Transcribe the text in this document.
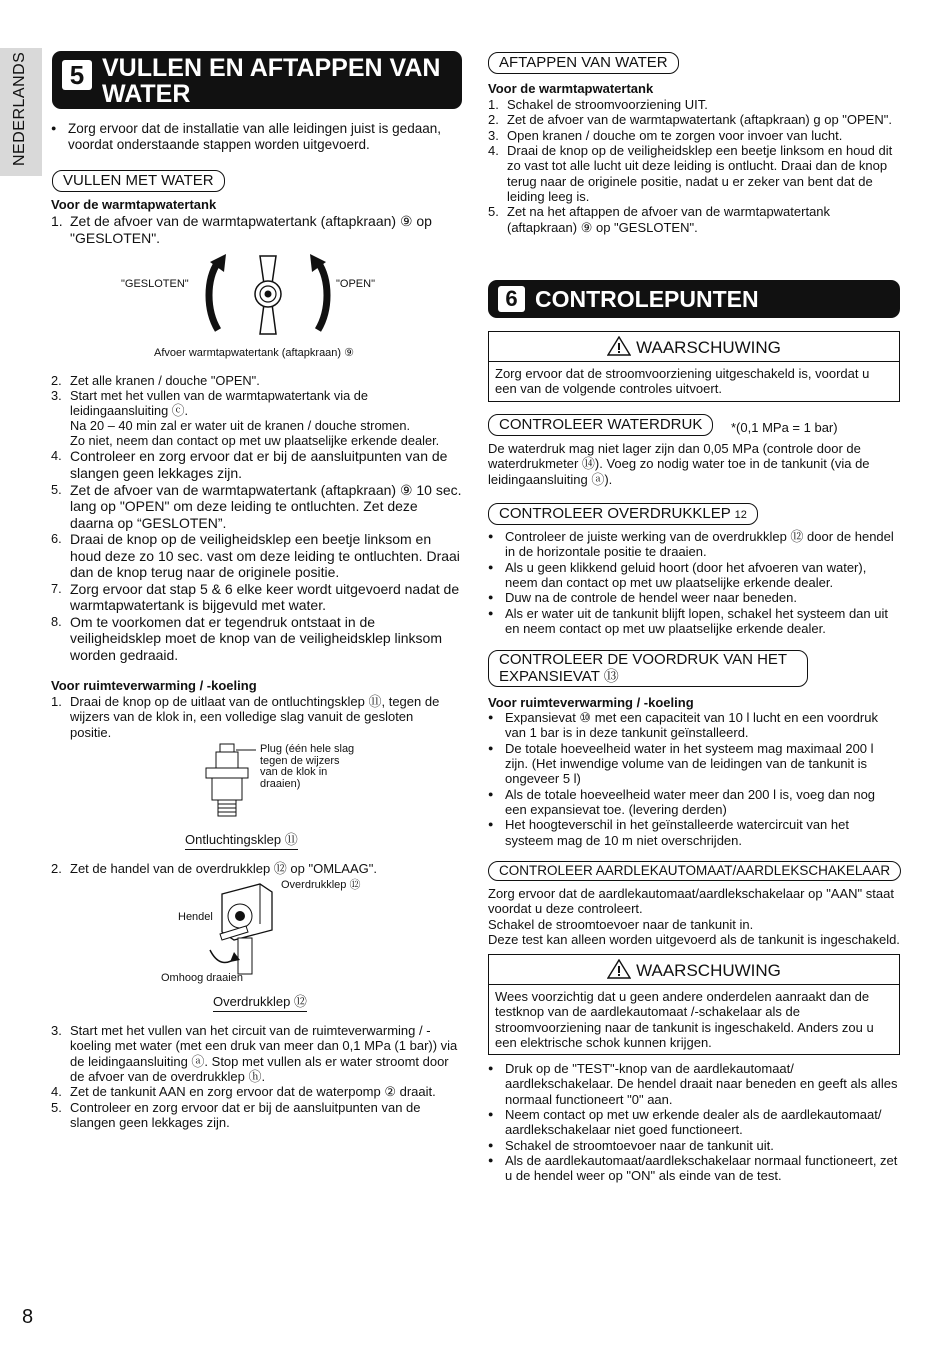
NEDERLANDS 5 VULLEN EN AFTAPPEN VAN WATER
● Zorg ervoor dat de installatie van alle leidingen juist is gedaan, voordat onderstaande stappen worden uitgevoerd.
VULLEN MET WATER
Voor de warmtapwatertank
1. Zet de afvoer van de warmtapwatertank (aftapkraan) ⑨ op "GESLOTEN".
"GESLOTEN"	"OPEN"
Afvoer warmtapwatertank (aftapkraan) ⑨
2. Zet alle kranen / douche "OPEN".
3. Start met het vullen van de warmtapwatertank via de leidingaansluiting ⓒ.
Na 20 – 40 min zal er water uit de kranen / douche stromen.
Zo niet, neem dan contact op met uw plaatselijke erkende dealer.
4. Controleer en zorg ervoor dat er bij de aansluitpunten van de slangen geen lekkages zijn.
5. Zet de afvoer van de warmtapwatertank (aftapkraan) ⑨ 10 sec. lang op "OPEN" om deze leiding te ontluchten. Zet deze daarna op “GESLOTEN”.
6. Draai de knop op de veiligheidsklep een beetje linksom en houd deze zo 10 sec. vast om deze leiding te ontluchten. Draai dan de knop terug naar de originele positie.
7. Zorg ervoor dat stap 5 & 6 elke keer wordt uitgevoerd nadat de warmtapwatertank is bijgevuld met water.
8. Om te voorkomen dat er tegendruk ontstaat in de veiligheidsklep moet de knop van de veiligheidsklep linksom worden gedraaid.
Voor ruimteverwarming / -koeling
1. Draai de knop op de uitlaat van de ontluchtingsklep ⑪, tegen de wijzers van de klok in, een volledige slag vanuit de gesloten positie.
Plug (één hele slag
tegen de wijzers
van de klok in
draaien)
Ontluchtingsklep ⑪
2. Zet de handel van de overdrukklep ⑫ op "OMLAAG".
Overdrukklep ⑫
Hendel
Omhoog draaien
Overdrukklep ⑫
3. Start met het vullen van het circuit van de ruimteverwarming / -koeling met water (met een druk van meer dan 0,1 MPa (1 bar)) via de leidingaansluiting ⓐ. Stop met vullen als er water stroomt door de afvoer van de overdrukklep ⓗ.
4. Zet de tankunit AAN en zorg ervoor dat de waterpomp ② draait.
5. Controleer en zorg ervoor dat er bij de aansluitpunten van de slangen geen lekkages zijn.
8
AFTAPPEN VAN WATER
Voor de warmtapwatertank
1. Schakel de stroomvoorziening UIT.
2. Zet de afvoer van de warmtapwatertank (aftapkraan) g op "OPEN".
3. Open kranen / douche om te zorgen voor invoer van lucht.
4. Draai de knop op de veiligheidsklep een beetje linksom en houd dit zo vast tot alle lucht uit deze leiding is ontlucht. Draai dan de knop terug naar de originele positie, nadat u er zeker van bent dat de leiding leeg is.
5. Zet na het aftappen de afvoer van de warmtapwatertank (aftapkraan) ⑨ op "GESLOTEN".
6 CONTROLEPUNTEN
WAARSCHUWING
Zorg ervoor dat de stroomvoorziening uitgeschakeld is, voordat u een van de volgende controles uitvoert.
CONTROLEER WATERDRUK	*(0,1 MPa = 1 bar)
De waterdruk mag niet lager zijn dan 0,05 MPa (controle door de waterdrukmeter ⑭). Voeg zo nodig water toe in de tankunit (via de leidingaansluiting ⓐ).
CONTROLEER OVERDRUKKLEP 12
● Controleer de juiste werking van de overdrukklep ⑫ door de hendel in de horizontale positie te draaien.
● Als u geen klikkend geluid hoort (door het afvoeren van water), neem dan contact op met uw plaatselijke erkende dealer.
● Duw na de controle de hendel weer naar beneden.
● Als er water uit de tankunit blijft lopen, schakel het systeem dan uit en neem contact op met uw plaatselijke erkende dealer.
CONTROLEER DE VOORDRUK VAN HET EXPANSIEVAT ⑬
Voor ruimteverwarming / -koeling
● Expansievat ⑩ met een capaciteit van 10 l lucht en een voordruk van 1 bar is in deze tankunit geïnstalleerd.
● De totale hoeveelheid water in het systeem mag maximaal 200 l zijn. (Het inwendige volume van de leidingen van de tankunit is ongeveer 5 l)
● Als de totale hoeveelheid water meer dan 200 l is, voeg dan nog een expansievat toe. (levering derden)
● Het hoogteverschil in het geïnstalleerde watercircuit van het systeem mag de 10 m niet overschrijden.
CONTROLEER AARDLEKAUTOMAAT/AARDLEKSCHAKELAAR
Zorg ervoor dat de aardlekautomaat/aardlekschakelaar op "AAN" staat voordat u deze controleert.
Schakel de stroomtoevoer naar de tankunit in.
Deze test kan alleen worden uitgevoerd als de tankunit is ingeschakeld.
WAARSCHUWING
Wees voorzichtig dat u geen andere onderdelen aanraakt dan de testknop van de aardlekautomaat /-schakelaar als de stroomvoorziening naar de tankunit is ingeschakeld. Anders zou u een elektrische schok kunnen krijgen.
● Druk op de "TEST"-knop van de aardlekautomaat/ aardlekschakelaar. De hendel draait naar beneden en geeft als alles normaal functioneert "0" aan.
● Neem contact op met uw erkende dealer als de aardlekautomaat/ aardlekschakelaar niet goed functioneert.
● Schakel de stroomtoevoer naar de tankunit uit.
● Als de aardlekautomaat/aardlekschakelaar normaal functioneert, zet u de hendel weer op "ON" als einde van de test.
